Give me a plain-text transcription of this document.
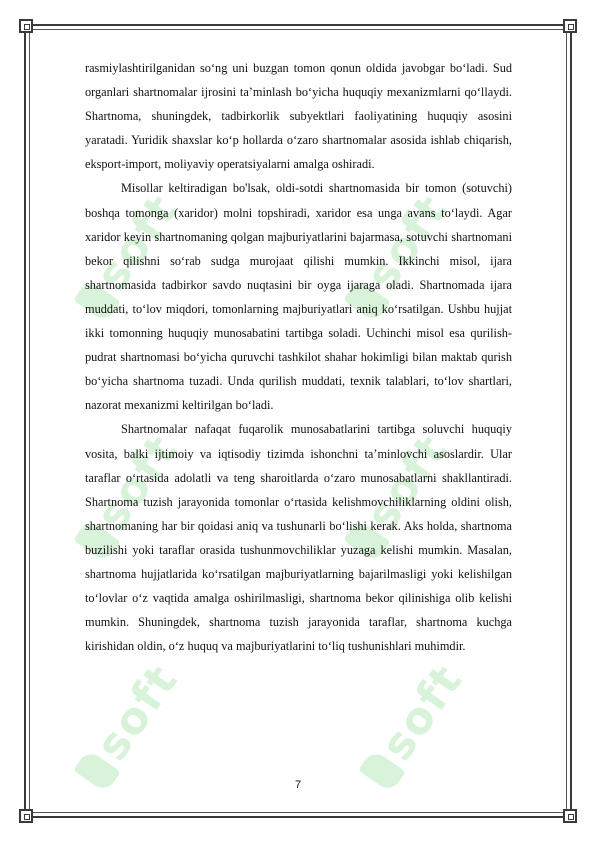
soft	soft
soft	soft
soft	soft

rasmiylashtirilganidan so‘ng uni buzgan tomon qonun oldida javobgar bo‘ladi. Sud organlari shartnomalar ijrosini ta’minlash bo‘yicha huquqiy mexanizmlarni qo‘llaydi. Shartnoma, shuningdek, tadbirkorlik subyektlari faoliyatining huquqiy asosini yaratadi. Yuridik shaxslar ko‘p hollarda o‘zaro shartnomalar asosida ishlab chiqarish, eksport-import, moliyaviy operatsiyalarni amalga oshiradi.

Misollar keltiradigan bo'lsak, oldi-sotdi shartnomasida bir tomon (sotuvchi) boshqa tomonga (xaridor) molni topshiradi, xaridor esa unga avans to‘laydi. Agar xaridor keyin shartnomaning qolgan majburiyatlarini bajarmasa, sotuvchi shartnomani bekor qilishni so‘rab sudga murojaat qilishi mumkin. Ikkinchi misol, ijara shartnomasida tadbirkor savdo nuqtasini bir oyga ijaraga oladi. Shartnomada ijara muddati, to‘lov miqdori, tomonlarning majburiyatlari aniq ko‘rsatilgan. Ushbu hujjat ikki tomonning huquqiy munosabatini tartibga soladi. Uchinchi misol esa qurilish-pudrat shartnomasi bo‘yicha quruvchi tashkilot shahar hokimligi bilan maktab qurish bo‘yicha shartnoma tuzadi. Unda qurilish muddati, texnik talablari, to‘lov shartlari, nazorat mexanizmi keltirilgan bo‘ladi.

Shartnomalar nafaqat fuqarolik munosabatlarini tartibga soluvchi huquqiy vosita, balki ijtimoiy va iqtisodiy tizimda ishonchni ta’minlovchi asoslardir. Ular taraflar o‘rtasida adolatli va teng sharoitlarda o‘zaro munosabatlarni shakllantiradi. Shartnoma tuzish jarayonida tomonlar o‘rtasida kelishmovchiliklarning oldini olish, shartnomaning har bir qoidasi aniq va tushunarli bo‘lishi kerak. Aks holda, shartnoma buzilishi yoki taraflar orasida tushunmovchiliklar yuzaga kelishi mumkin. Masalan, shartnoma hujjatlarida ko‘rsatilgan majburiyatlarning bajarilmasligi yoki kelishilgan to‘lovlar o‘z vaqtida amalga oshirilmasligi, shartnoma bekor qilinishiga olib kelishi mumkin. Shuningdek, shartnoma tuzish jarayonida taraflar, shartnoma kuchga kirishidan oldin, o‘z huquq va majburiyatlarini to‘liq tushunishlari muhimdir.

7
